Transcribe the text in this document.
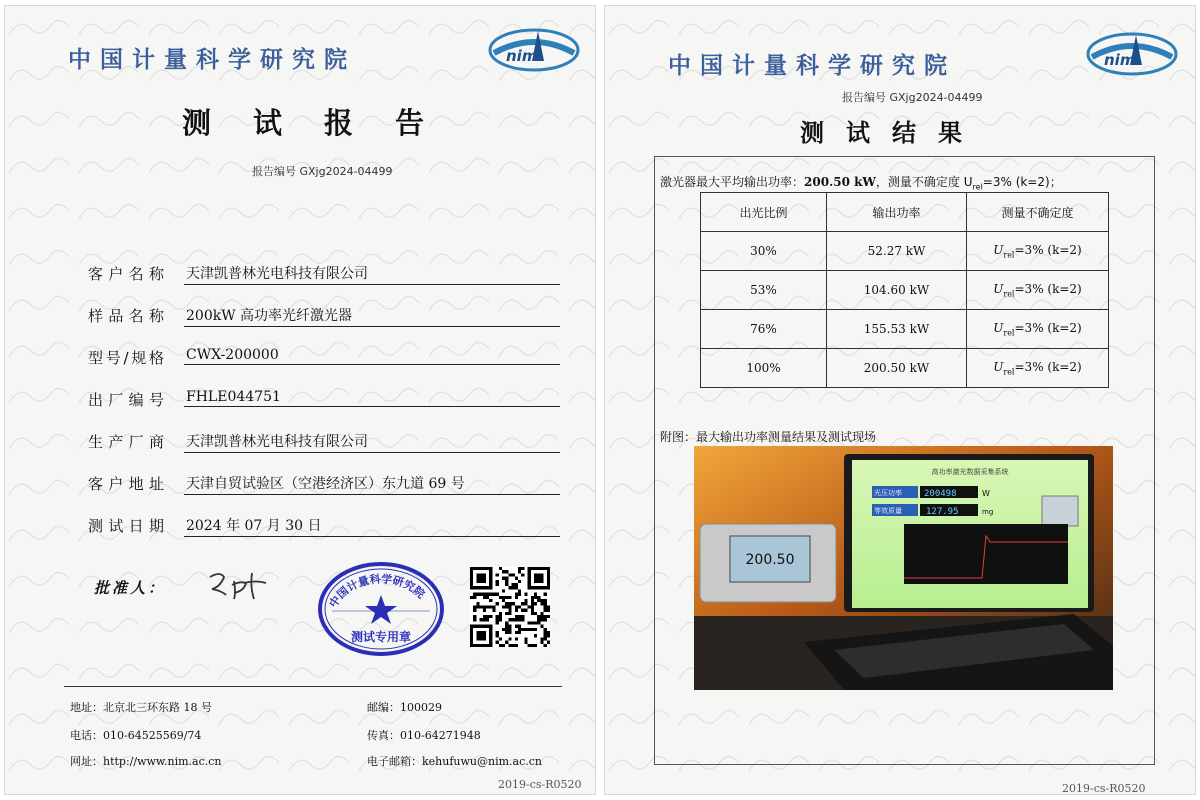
中国计量科学研究院	nim
测试报告
报告编号 GXjg2024-04499
客户名称 天津凯普林光电科技有限公司
样品名称 200kW 高功率光纤激光器
型号/规格 CWX-200000
出厂编号 FHLE044751
生产厂商 天津凯普林光电科技有限公司
客户地址 天津自贸试验区（空港经济区）东九道 69 号
测试日期 2024 年 07 月 30 日
批准人：
中国计量科学研究院
测试专用章
地址：北京北三环东路 18 号	邮编：100029
电话：010-64525569/74	传真：010-64271948
网址：http://www.nim.ac.cn	电子邮箱：kehufuwu@nim.ac.cn
2019-cs-R0520
中国计量科学研究院	nim
报告编号 GXjg2024-04499
测试结果
激光器最大平均输出功率：200.50 kW，测量不确定度 $U_{rel}=3\%$ (k=2)；
出光比例	输出功率	测量不确定度
30%	52.27 kW	$U_{rel}=3\%$ (k=2)
53%	104.60 kW	$U_{rel}=3\%$ (k=2)
76%	155.53 kW	$U_{rel}=3\%$ (k=2)
100%	200.50 kW	$U_{rel}=3\%$ (k=2)
附图：最大输出功率测量结果及测试现场
200.50
高功率激光数据采集系统
光压功率 200498	W
等效质量	127.95	mg
2019-cs-R0520
